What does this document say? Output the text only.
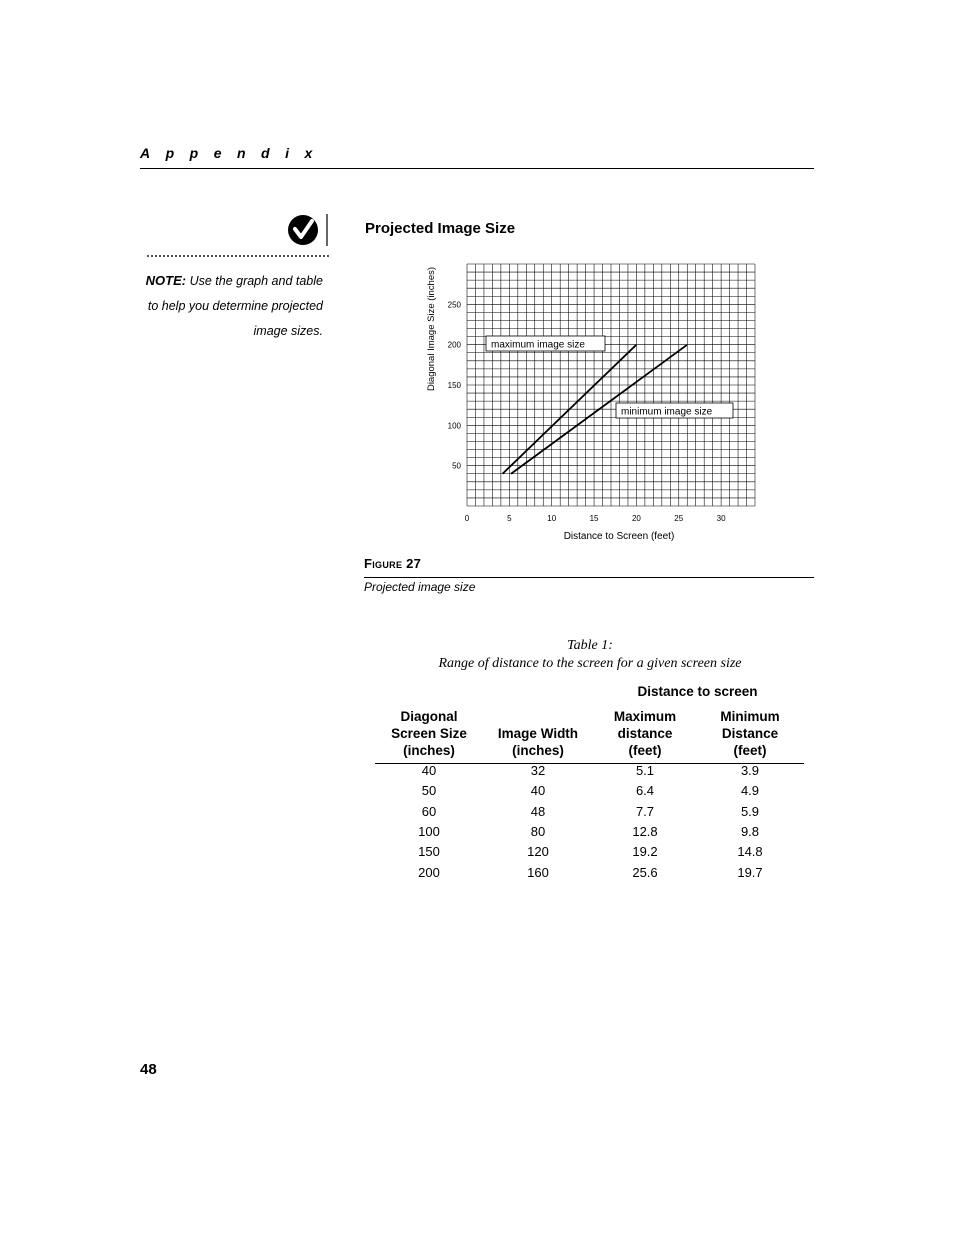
Appendix
NOTE: Use the graph and table
to help you determine projected
image sizes.
Projected Image Size
0	5	10	15	20	25	30
50
100
150
200
250
Distance to Screen (feet)
Diagonal Image Size (inches)	maximum image size
minimum image size
Figure 27
Projected image size
Table 1:
Range of distance to the screen for a given screen size
Distance to screen
Diagonal
Screen Size
(inches)
Image Width
(inches)
Maximum
distance
(feet)
Minimum
Distance
(feet)
40	32	5.1	3.9
50	40	6.4	4.9
60	48	7.7	5.9
100	80	12.8	9.8
150	120	19.2	14.8
200	160	25.6	19.7
48
